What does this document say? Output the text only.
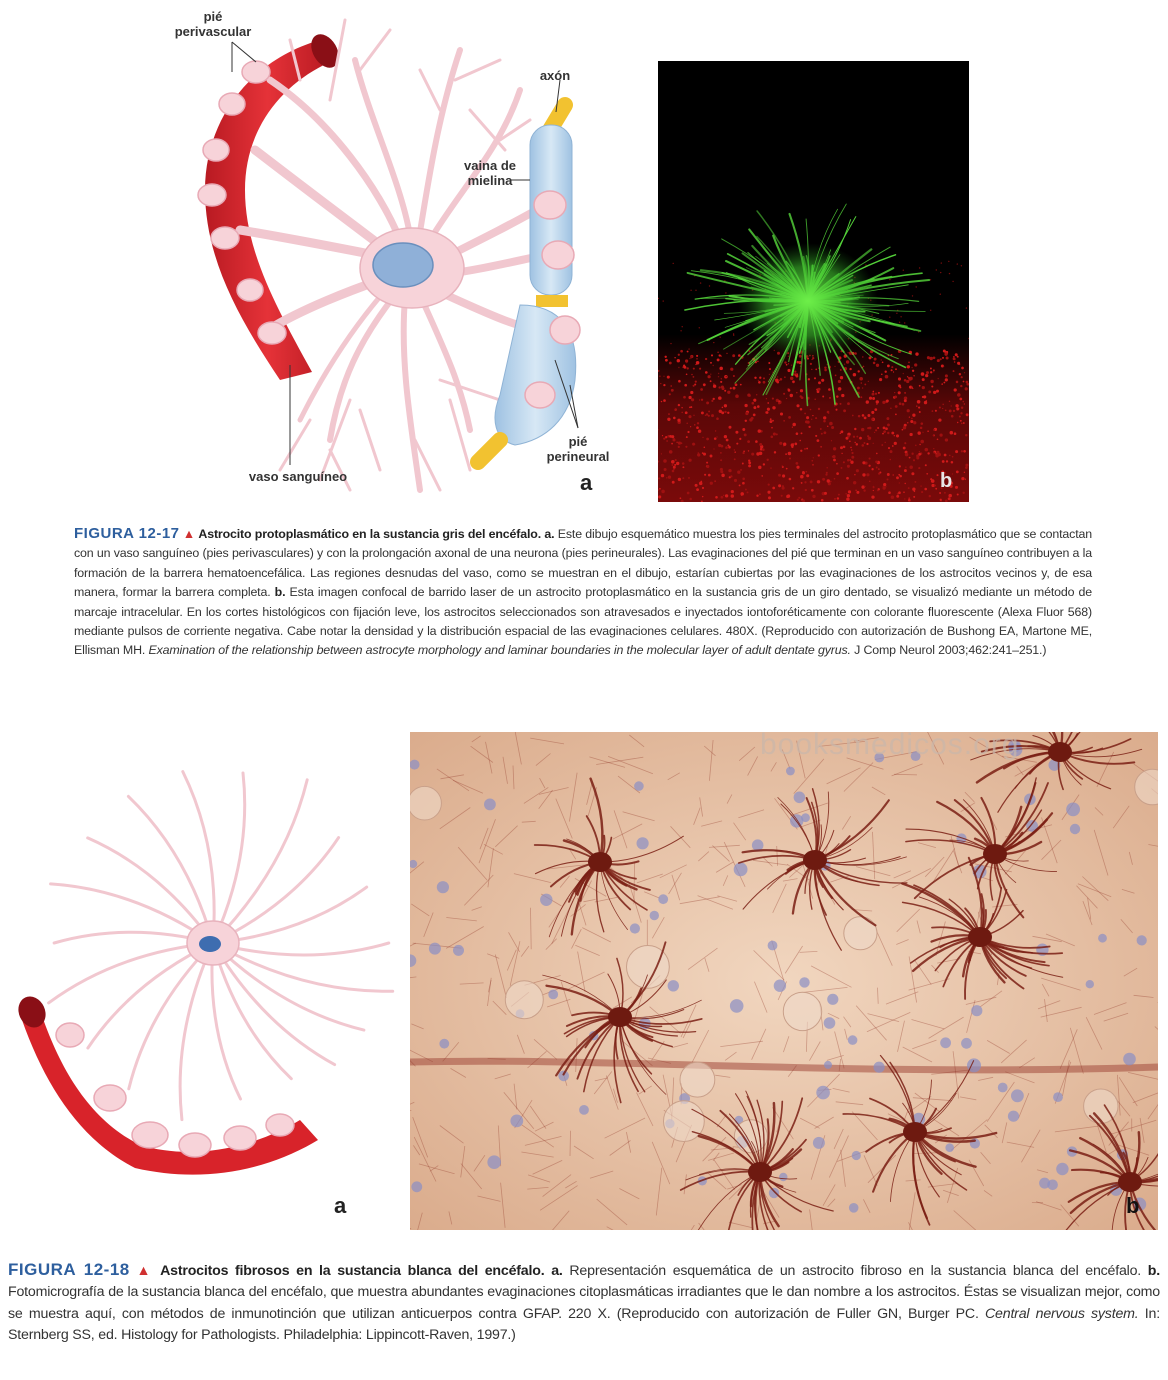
pié perivascular
axón
vaina de mielina
pié perineural
vaso sanguíneo	a	b
FIGURA 12-17 ▲ Astrocito protoplasmático en la sustancia gris del encéfalo. a. Este dibujo esquemático muestra los pies terminales del astrocito protoplasmático que se contactan con un vaso sanguíneo (pies perivasculares) y con la prolongación axonal de una neurona (pies perineurales). Las evaginaciones del pié que terminan en un vaso sanguíneo contribuyen a la formación de la barrera hematoencefálica. Las regiones desnudas del vaso, como se muestran en el dibujo, estarían cubiertas por las evaginaciones de los astrocitos vecinos y, de esa manera, formar la barrera completa. b. Esta imagen confocal de barrido laser de un astrocito protoplasmático en la sustancia gris de un giro dentado, se visualizó mediante un método de marcaje intracelular. En los cortes histológicos con fijación leve, los astrocitos seleccionados son atravesados e inyectados iontoforéticamente con colorante fluorescente (Alexa Fluor 568) mediante pulsos de corriente negativa. Cabe notar la densidad y la distribución espacial de las evaginaciones celulares. 480X. (Reproducido con autorización de Bushong EA, Martone ME, Ellisman MH. Examination of the relationship between astrocyte morphology and laminar boundaries in the molecular layer of adult dentate gyrus. J Comp Neurol 2003;462:241–251.)
a
booksmedicos.org
b
FIGURA 12-18 ▲ Astrocitos fibrosos en la sustancia blanca del encéfalo. a. Representación esquemática de un astrocito fibroso en la sustancia blanca del encéfalo. b. Fotomicrografía de la sustancia blanca del encéfalo, que muestra abundantes evaginaciones citoplasmáticas irradiantes que le dan nombre a los astrocitos. Éstas se visualizan mejor, como se muestra aquí, con métodos de inmunotinción que utilizan anticuerpos contra GFAP. 220 X. (Reproducido con autorización de Fuller GN, Burger PC. Central nervous system. In: Sternberg SS, ed. Histology for Pathologists. Philadelphia: Lippincott-Raven, 1997.)
